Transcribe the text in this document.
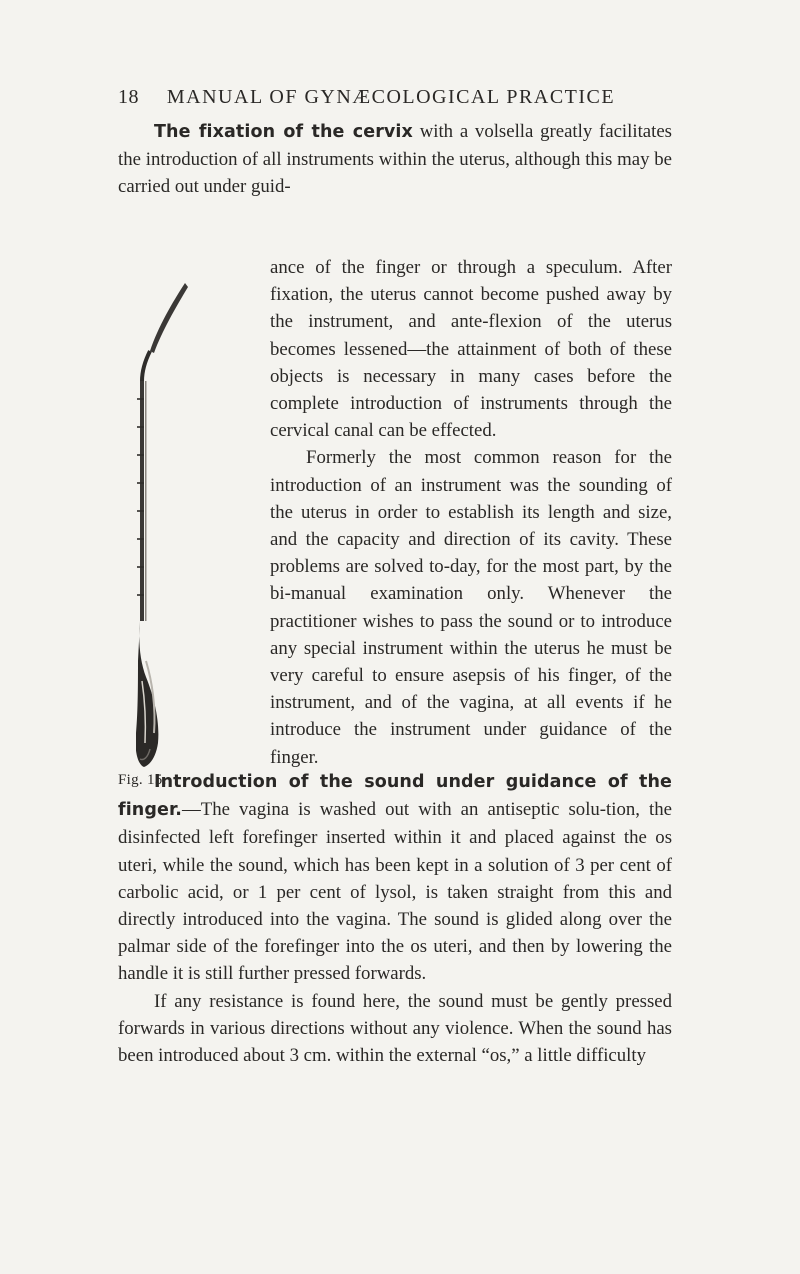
18	MANUAL OF GYNÆCOLOGICAL PRACTICE
The fixation of the cervix with a volsella greatly facilitates the introduction of all instruments within the uterus, although this may be carried out under guid-
Fig. 15.

ance of the finger or through a speculum. After fixation, the uterus cannot become pushed away by the instrument, and ante-flexion of the uterus becomes lessened—the attainment of both of these objects is necessary in many cases before the complete introduction of instruments through the cervical canal can be effected.

Formerly the most common reason for the introduction of an instrument was the sounding of the uterus in order to establish its length and size, and the capacity and direction of its cavity. These problems are solved to-day, for the most part, by the bi-manual examination only. Whenever the practitioner wishes to pass the sound or to introduce any special instrument within the uterus he must be very careful to ensure asepsis of his finger, of the instrument, and of the vagina, at all events if he introduce the instrument under guidance of the finger.

Introduction of the sound under guidance of the finger.—The vagina is washed out with an antiseptic solu-tion, the disinfected left forefinger inserted within it and placed against the os uteri, while the sound, which has been kept in a solution of 3 per cent of carbolic acid, or 1 per cent of lysol, is taken straight from this and directly introduced into the vagina. The sound is glided along over the palmar side of the forefinger into the os uteri, and then by lowering the handle it is still further pressed forwards.

If any resistance is found here, the sound must be gently pressed forwards in various directions without any violence. When the sound has been introduced about 3 cm. within the external “os,” a little difficulty
